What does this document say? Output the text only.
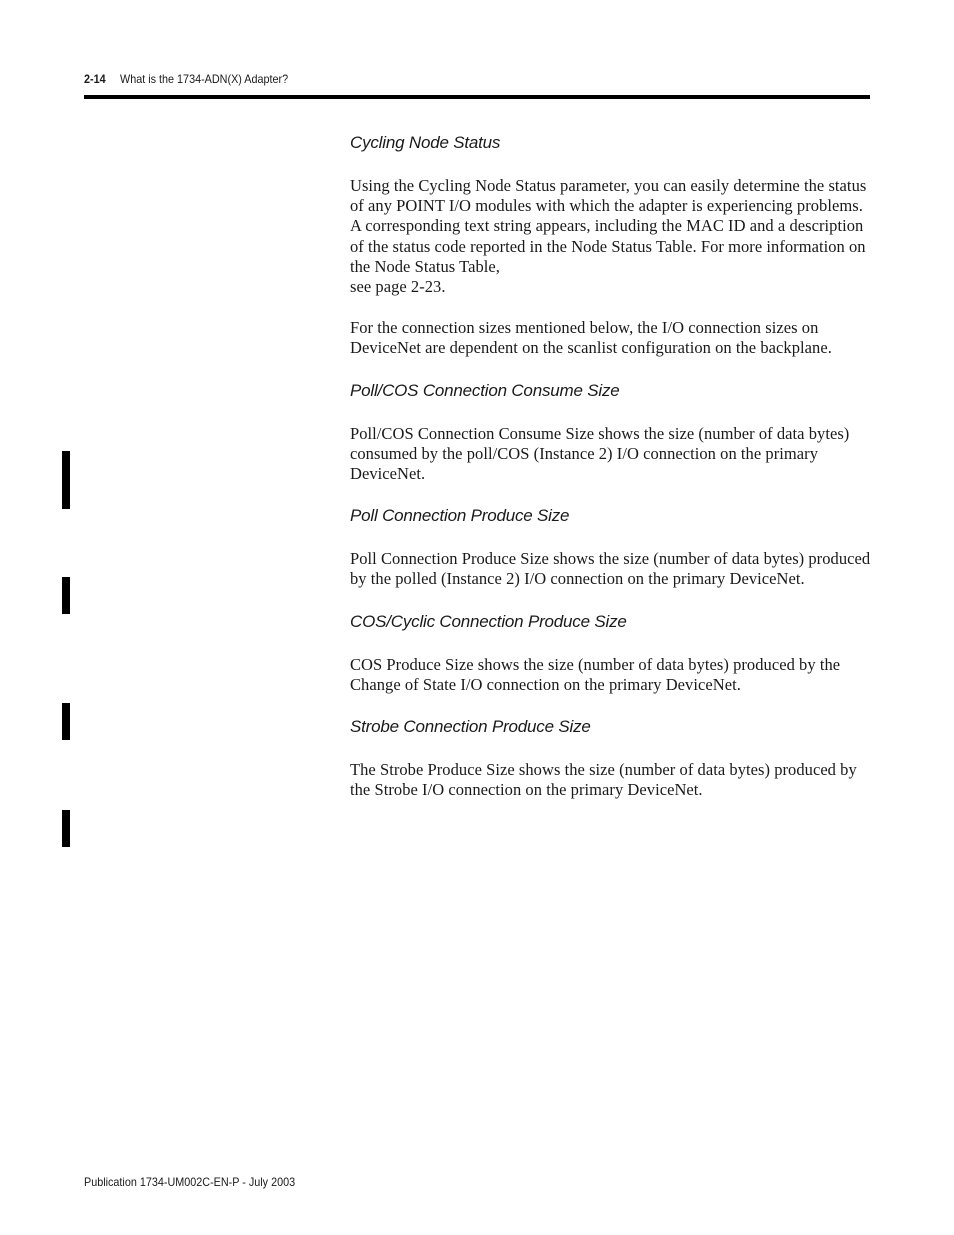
2-14 What is the 1734-ADN(X) Adapter?
Cycling Node Status

Using the Cycling Node Status parameter, you can easily determine the status of any POINT I/O modules with which the adapter is experiencing problems. A corresponding text string appears, including the MAC ID and a description of the status code reported in the Node Status Table. For more information on the Node Status Table,
see page 2-23.

For the connection sizes mentioned below, the I/O connection sizes on DeviceNet are dependent on the scanlist configuration on the backplane.

Poll/COS Connection Consume Size

Poll/COS Connection Consume Size shows the size (number of data bytes) consumed by the poll/COS (Instance 2) I/O connection on the primary DeviceNet.

Poll Connection Produce Size

Poll Connection Produce Size shows the size (number of data bytes) produced by the polled (Instance 2) I/O connection on the primary DeviceNet.

COS/Cyclic Connection Produce Size

COS Produce Size shows the size (number of data bytes) produced by the Change of State I/O connection on the primary DeviceNet.

Strobe Connection Produce Size

The Strobe Produce Size shows the size (number of data bytes) produced by the Strobe I/O connection on the primary DeviceNet.

Publication 1734-UM002C-EN-P - July 2003
